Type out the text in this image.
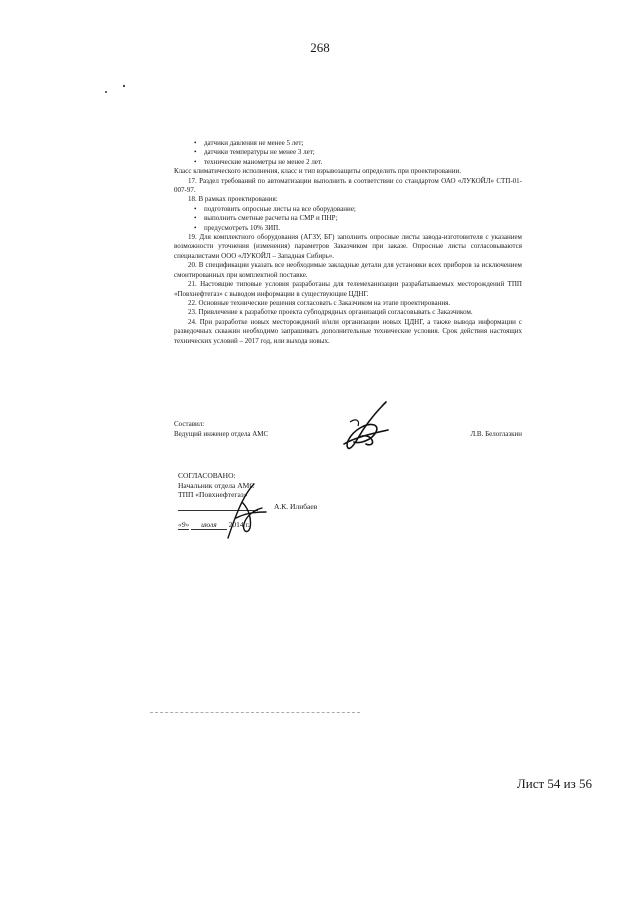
268
• датчики давления не менее 5 лет;
• датчики температуры не менее 3 лет;
• технические манометры не менее 2 лет.

Класс климатического исполнения, класс и тип взрывозащиты определить при проектировании.

17. Раздел требований по автоматизации выполнить в соответствии со стандартом ОАО «ЛУКОЙЛ» СТП-01-007-97.

18. В рамках проектирования:

• подготовить опросные листы на все оборудование;
• выполнить сметные расчеты на СМР и ПНР;
• предусмотреть 10% ЗИП.

19. Для комплектного оборудования (АГЗУ, БГ) заполнить опросные листы завода-изготовителя с указанием возможности уточнения (изменения) параметров Заказчиком при заказе. Опросные листы согласовываются специалистами ООО «ЛУКОЙЛ – Западная Сибирь».

20. В спецификации указать все необходимые закладные детали для установки всех приборов за исключением смонтированных при комплектной поставке.

21. Настоящие типовые условия разработаны для телемеханизации разрабатываемых месторождений ТПП «Повхнефтегаз» с выводом информации в существующие ЦДНГ.

22. Основные технические решения согласовать с Заказчиком на этапе проектирования.

23. Привлечение к разработке проекта субподрядных организаций согласовывать с Заказчиком.

24. При разработке новых месторождений и/или организации новых ЦДНГ, а также вывода информации с разведочных скважин необходимо запрашивать дополнительные технические условия. Срок действия настоящих технических условий – 2017 год, или выхода новых.

Составил:
Ведущий инженер отдела АМС	Л.В. Белоглазкин
СОГЛАСОВАНО:
Начальник отдела АМС
ТПП «Повхнефтегаз»
А.К. Илибаев
«9» июля 2014 г.
Лист 54 из 56
